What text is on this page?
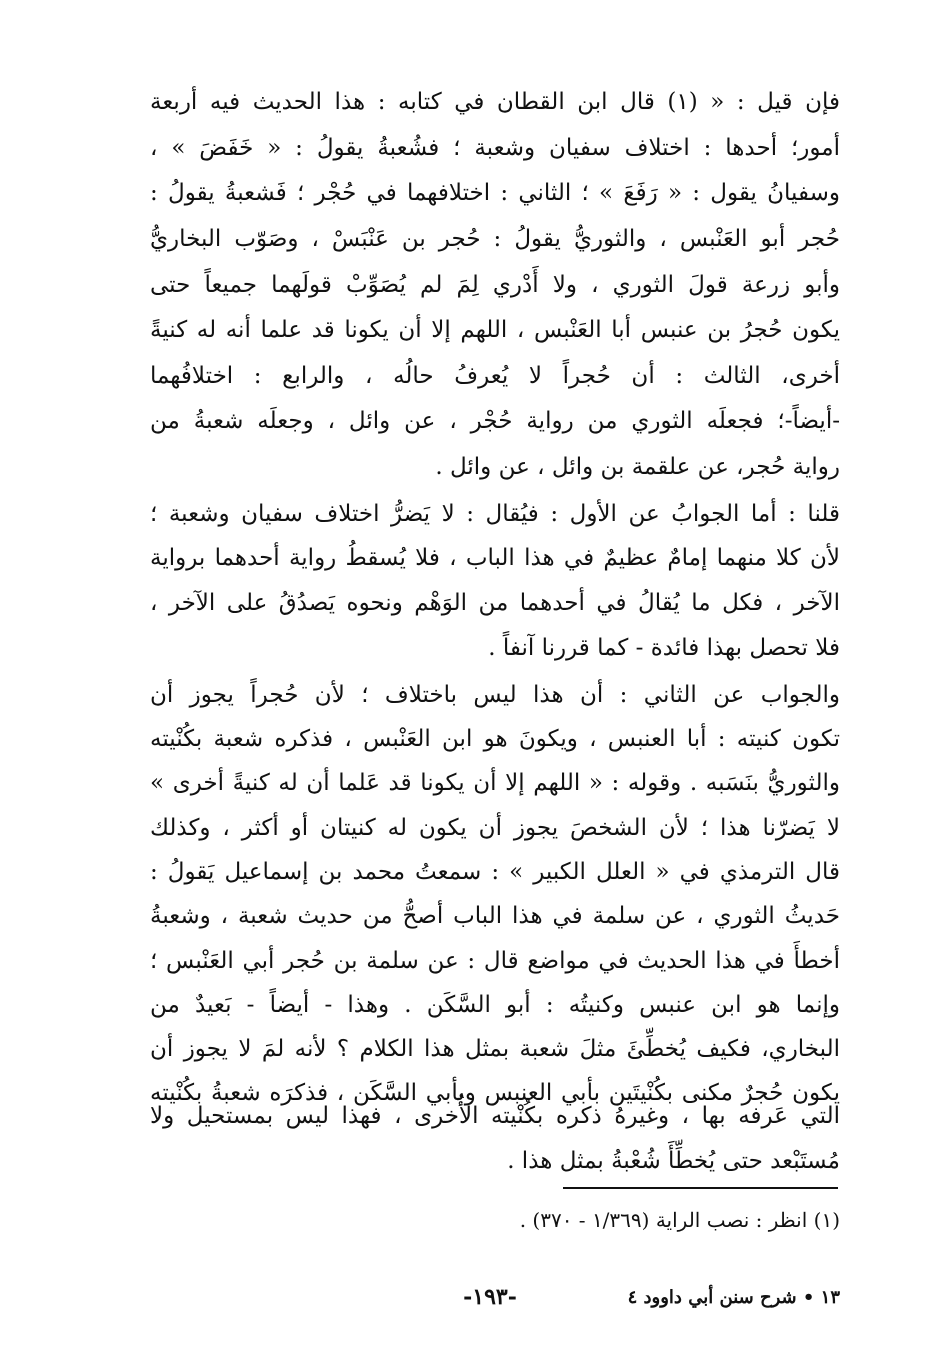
فإن قيل : « (١) قال ابن القطان في كتابه : هذا الحديث فيه أربعة
أمور؛ أحدها : اختلاف سفيان وشعبة ؛ فشُعبةُ يقولُ : « خَفَضَ » ،
وسفيانُ يقول : « رَفَعَ » ؛ الثاني : اختلافهما في حُجْر ؛ فَشعبةُ يقولُ :
حُجر أبو العَنْبس ، والثوريُّ يقولُ : حُجر بن عَنْبَسْ ، وصَوّب البخاريُّ
وأبو زرعة قولَ الثوري ، ولا أَدْري لِمَ لم يُصَوِّبْ قولَهما جميعاً حتى
يكون حُجرُ بن عنبس أبا العَنْبس ، اللهم إلا أن يكونا قد علما أنه له كنيةً
أخرى، الثالث : أن حُجراً لا يُعرفُ حالُه ، والرابع : اختلافُهما
-أيضاً-؛ فجعلَه الثوري من رواية حُجْر ، عن وائل ، وجعلَه شعبةُ من
رواية حُجر، عن علقمة بن وائل ، عن وائل .
قلنا : أما الجوابُ عن الأول : فيُقال : لا يَضرُّ اختلاف سفيان وشعبة ؛
لأن كلا منهما إمامٌ عظيمٌ في هذا الباب ، فلا يُسقطُ رواية أحدهما برواية
الآخر ، فكل ما يُقالُ في أحدهما من الوَهْم ونحوه يَصدُقُ على الآخر ،
فلا تحصل بهذا فائدة - كما قررنا آنفاً .
والجواب عن الثاني : أن هذا ليس باختلاف ؛ لأن حُجراً يجوز أن
تكون كنيته : أبا العنبس ، ويكونَ هو ابن العَنْبس ، فذكره شعبة بكُنْيته
والثوريُّ بنَسَبه . وقوله : « اللهم إلا أن يكونا قد عَلما أن له كنيةً أخرى »
لا يَضرّنا هذا ؛ لأن الشخصَ يجوز أن يكون له كنيتان أو أكثر ، وكذلك
قال الترمذي في « العلل الكبير » : سمعتُ محمد بن إسماعيل يَقولُ :
حَديثُ الثوري ، عن سلمة في هذا الباب أصحُّ من حديث شعبة ، وشعبةُ
أخطأَ في هذا الحديث في مواضع قال : عن سلمة بن حُجر أبي العَنْبس ؛
وإنما هو ابن عنبس وكنيتُه : أبو السَّكَن . وهذا - أيضاً - بَعيدٌ من
البخاري، فكيف يُخطِّئَ مثلَ شعبة بمثل هذا الكلام ؟ لأنه لمَ لا يجوز أن
يكون حُجرٌ مكنى بكُنْيتَين بأبي العنبس وبأبي السَّكَن ، فذكرَه شعبةُ بكُنْيته
التي عَرفه بها ، وغيرهُ ذكره بكُنْيته الأُخرى ، فهذا ليس بمستحيل ولا
مُستَبْعد حتى يُخطِّأَ شُعْبةُ بمثل هذا .
(١) انظر : نصب الراية (١/٣٦٩ - ٣٧٠) .
١٣ • شرح سنن أبي داوود ٤
-١٩٣-
